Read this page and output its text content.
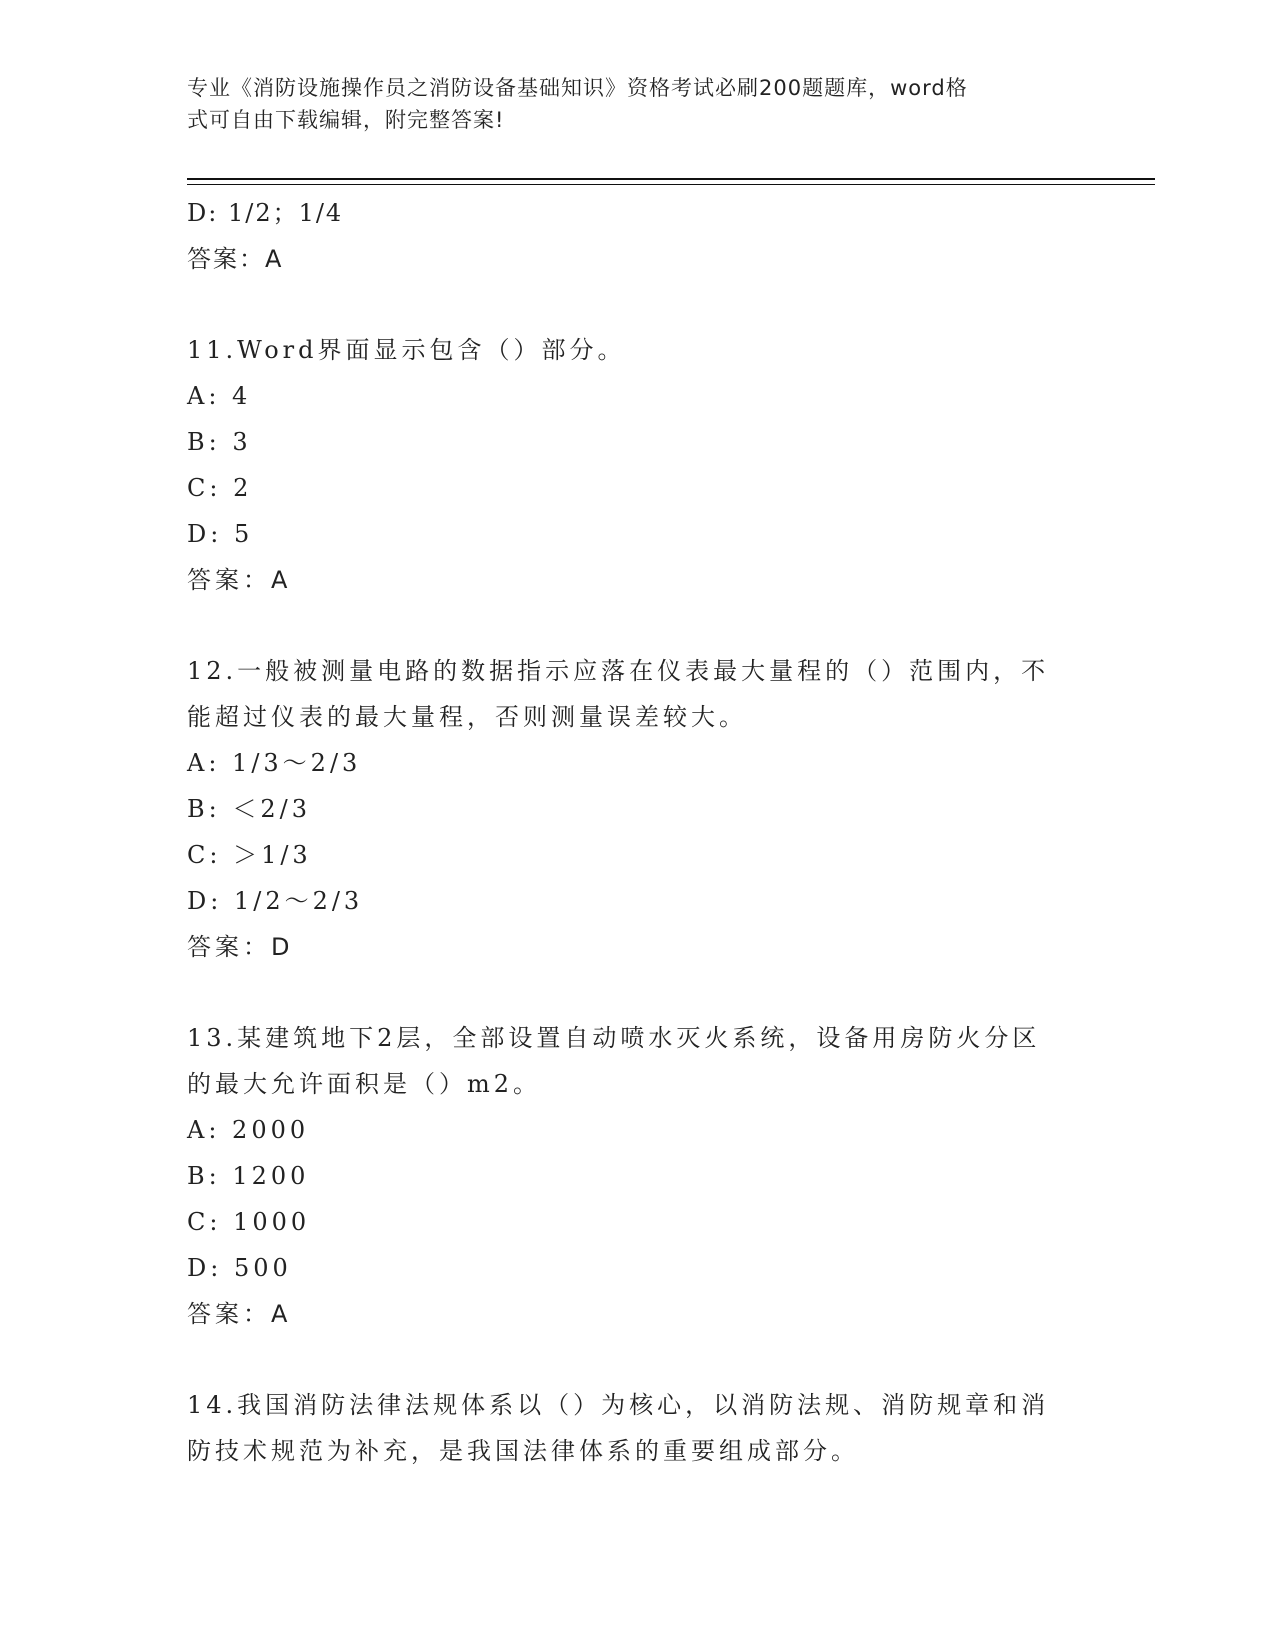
专业《消防设施操作员之消防设备基础知识》资格考试必刷200题题库，word格
式可自由下载编辑，附完整答案!
D: 1/2；1/4
答案：A
11.Word界面显示包含（）部分。
A: 4
B: 3
C: 2
D: 5
答案：A
12.一般被测量电路的数据指示应落在仪表最大量程的（）范围内，不
能超过仪表的最大量程，否则测量误差较大。
A: 1/3～2/3
B: ＜2/3
C: ＞1/3
D: 1/2～2/3
答案：D
13.某建筑地下2层，全部设置自动喷水灭火系统，设备用房防火分区
的最大允许面积是（）m2。
A: 2000
B: 1200
C: 1000
D: 500
答案：A
14.我国消防法律法规体系以（）为核心，以消防法规、消防规章和消
防技术规范为补充，是我国法律体系的重要组成部分。
